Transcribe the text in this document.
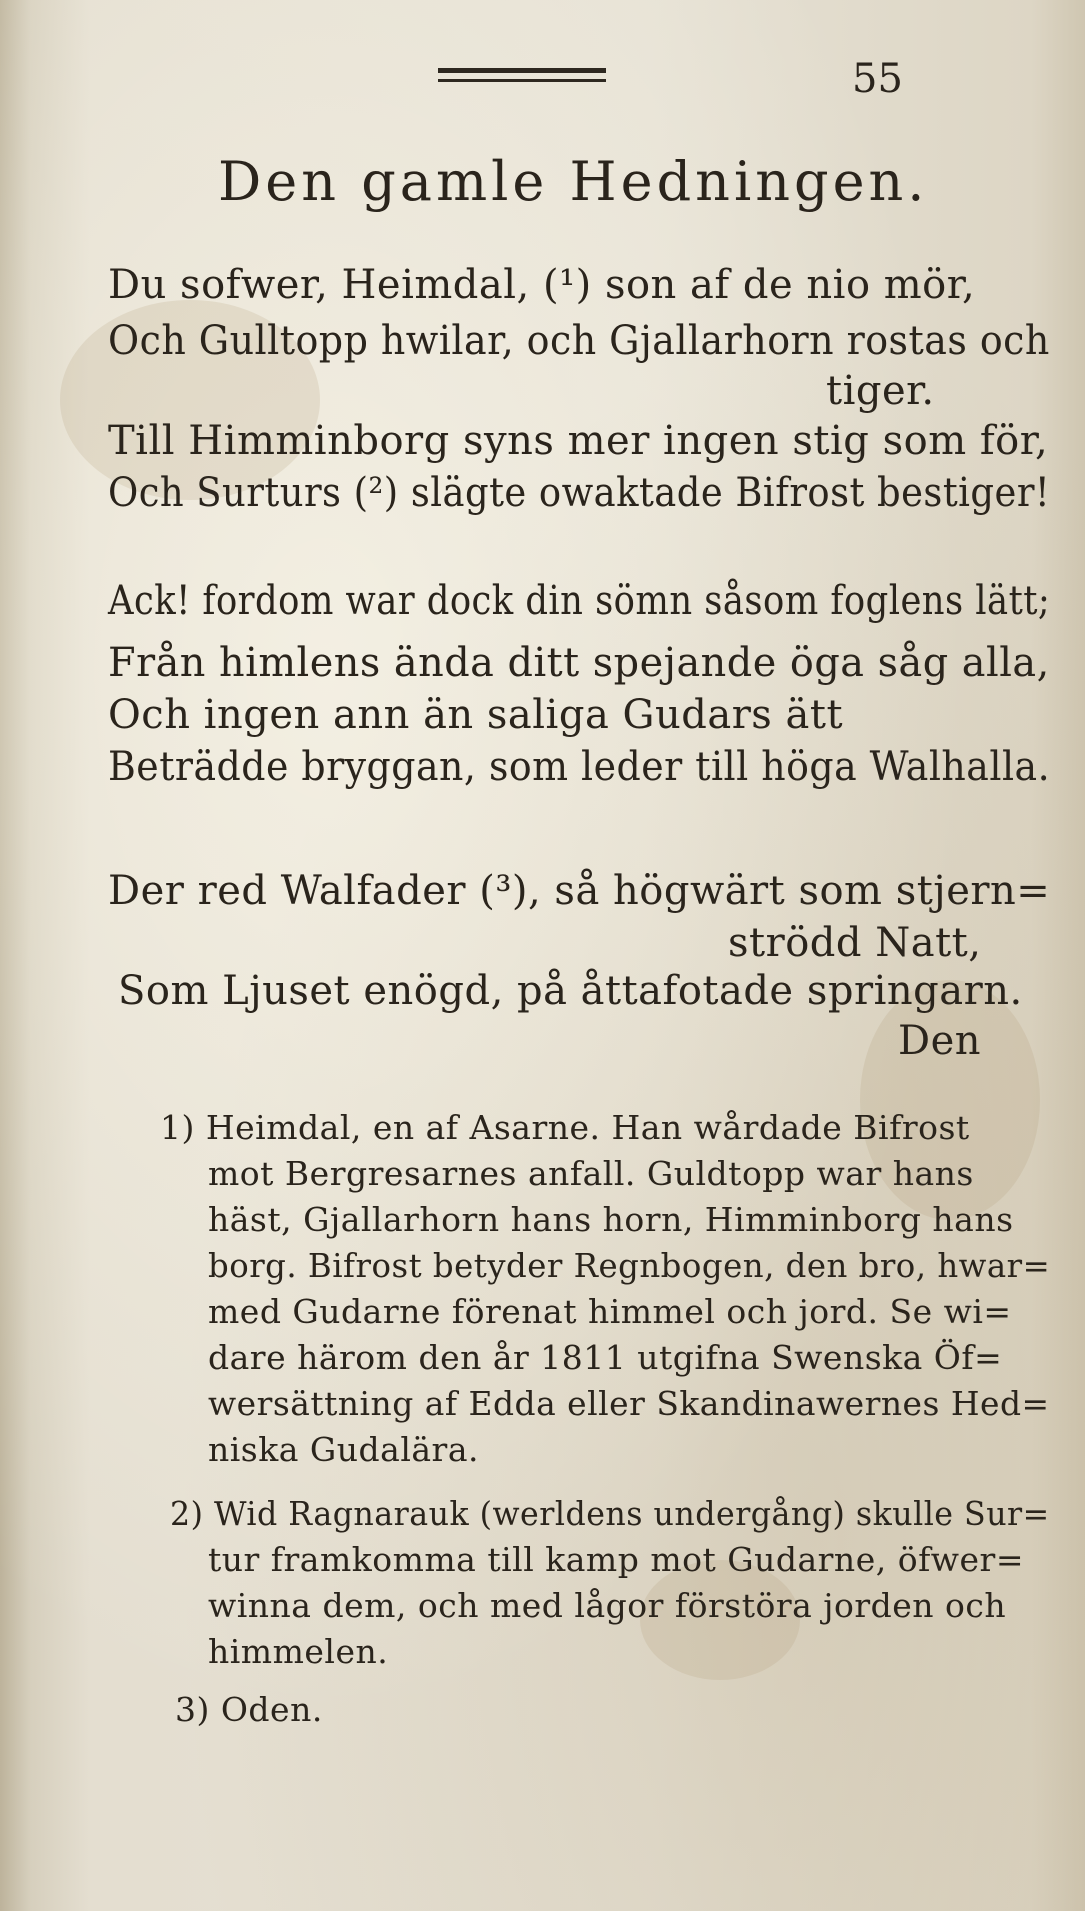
55
Den gamle Hedningen.
Du sofwer, Heimdal, (¹) son af de nio mör,
Och Gulltopp hwilar, och Gjallarhorn rostas och
tiger.
Till Himminborg syns mer ingen stig som för,
Och Surturs (²) slägte owaktade Bifrost bestiger!
Ack! fordom war dock din sömn såsom foglens lätt;
Från himlens ända ditt spejande öga såg alla,
Och ingen ann än saliga Gudars ätt
Beträdde bryggan, som leder till höga Walhalla.
Der red Walfader (³), så högwärt som stjern=
strödd Natt,
Som Ljuset enögd, på åttafotade springarn.
Den
1) Heimdal, en af Asarne. Han wårdade Bifrost
mot Bergresarnes anfall. Guldtopp war hans
häst, Gjallarhorn hans horn, Himminborg hans
borg. Bifrost betyder Regnbogen, den bro, hwar=
med Gudarne förenat himmel och jord. Se wi=
dare härom den år 1811 utgifna Swenska Öf=
wersättning af Edda eller Skandinawernes Hed=
niska Gudalära.
2) Wid Ragnarauk (werldens undergång) skulle Sur=
tur framkomma till kamp mot Gudarne, öfwer=
winna dem, och med lågor förstöra jorden och
himmelen.
3) Oden.
